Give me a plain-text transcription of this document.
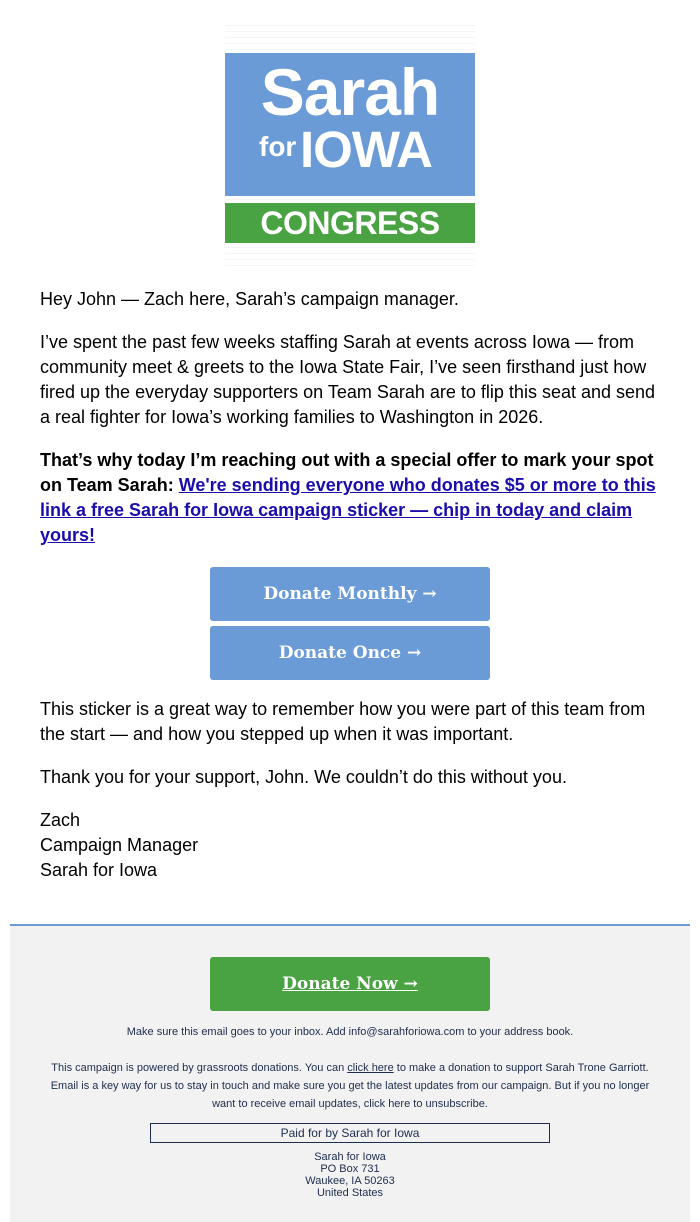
Sarah
for IOWA
CONGRESS

Hey John — Zach here, Sarah’s campaign manager.

I’ve spent the past few weeks staffing Sarah at events across Iowa — from community meet & greets to the Iowa State Fair, I’ve seen firsthand just how fired up the everyday supporters on Team Sarah are to flip this seat and send a real fighter for Iowa’s working families to Washington in 2026.

That’s why today I’m reaching out with a special offer to mark your spot on Team Sarah: We're sending everyone who donates $5 or more to this link a free Sarah for Iowa campaign sticker — chip in today and claim yours!

Donate Monthly →
Donate Once →

This sticker is a great way to remember how you were part of this team from the start — and how you stepped up when it was important.

Thank you for your support, John. We couldn’t do this without you.

Zach
Campaign Manager
Sarah for Iowa
Donate Now →
Make sure this email goes to your inbox. Add info@sarahforiowa.com to your address book.
This campaign is powered by grassroots donations. You can click here to make a donation to support Sarah Trone Garriott. Email is a key way for us to stay in touch and make sure you get the latest updates from our campaign. But if you no longer want to receive email updates, click here to unsubscribe.
Paid for by Sarah for Iowa
Sarah for Iowa
PO Box 731
Waukee, IA 50263
United States
